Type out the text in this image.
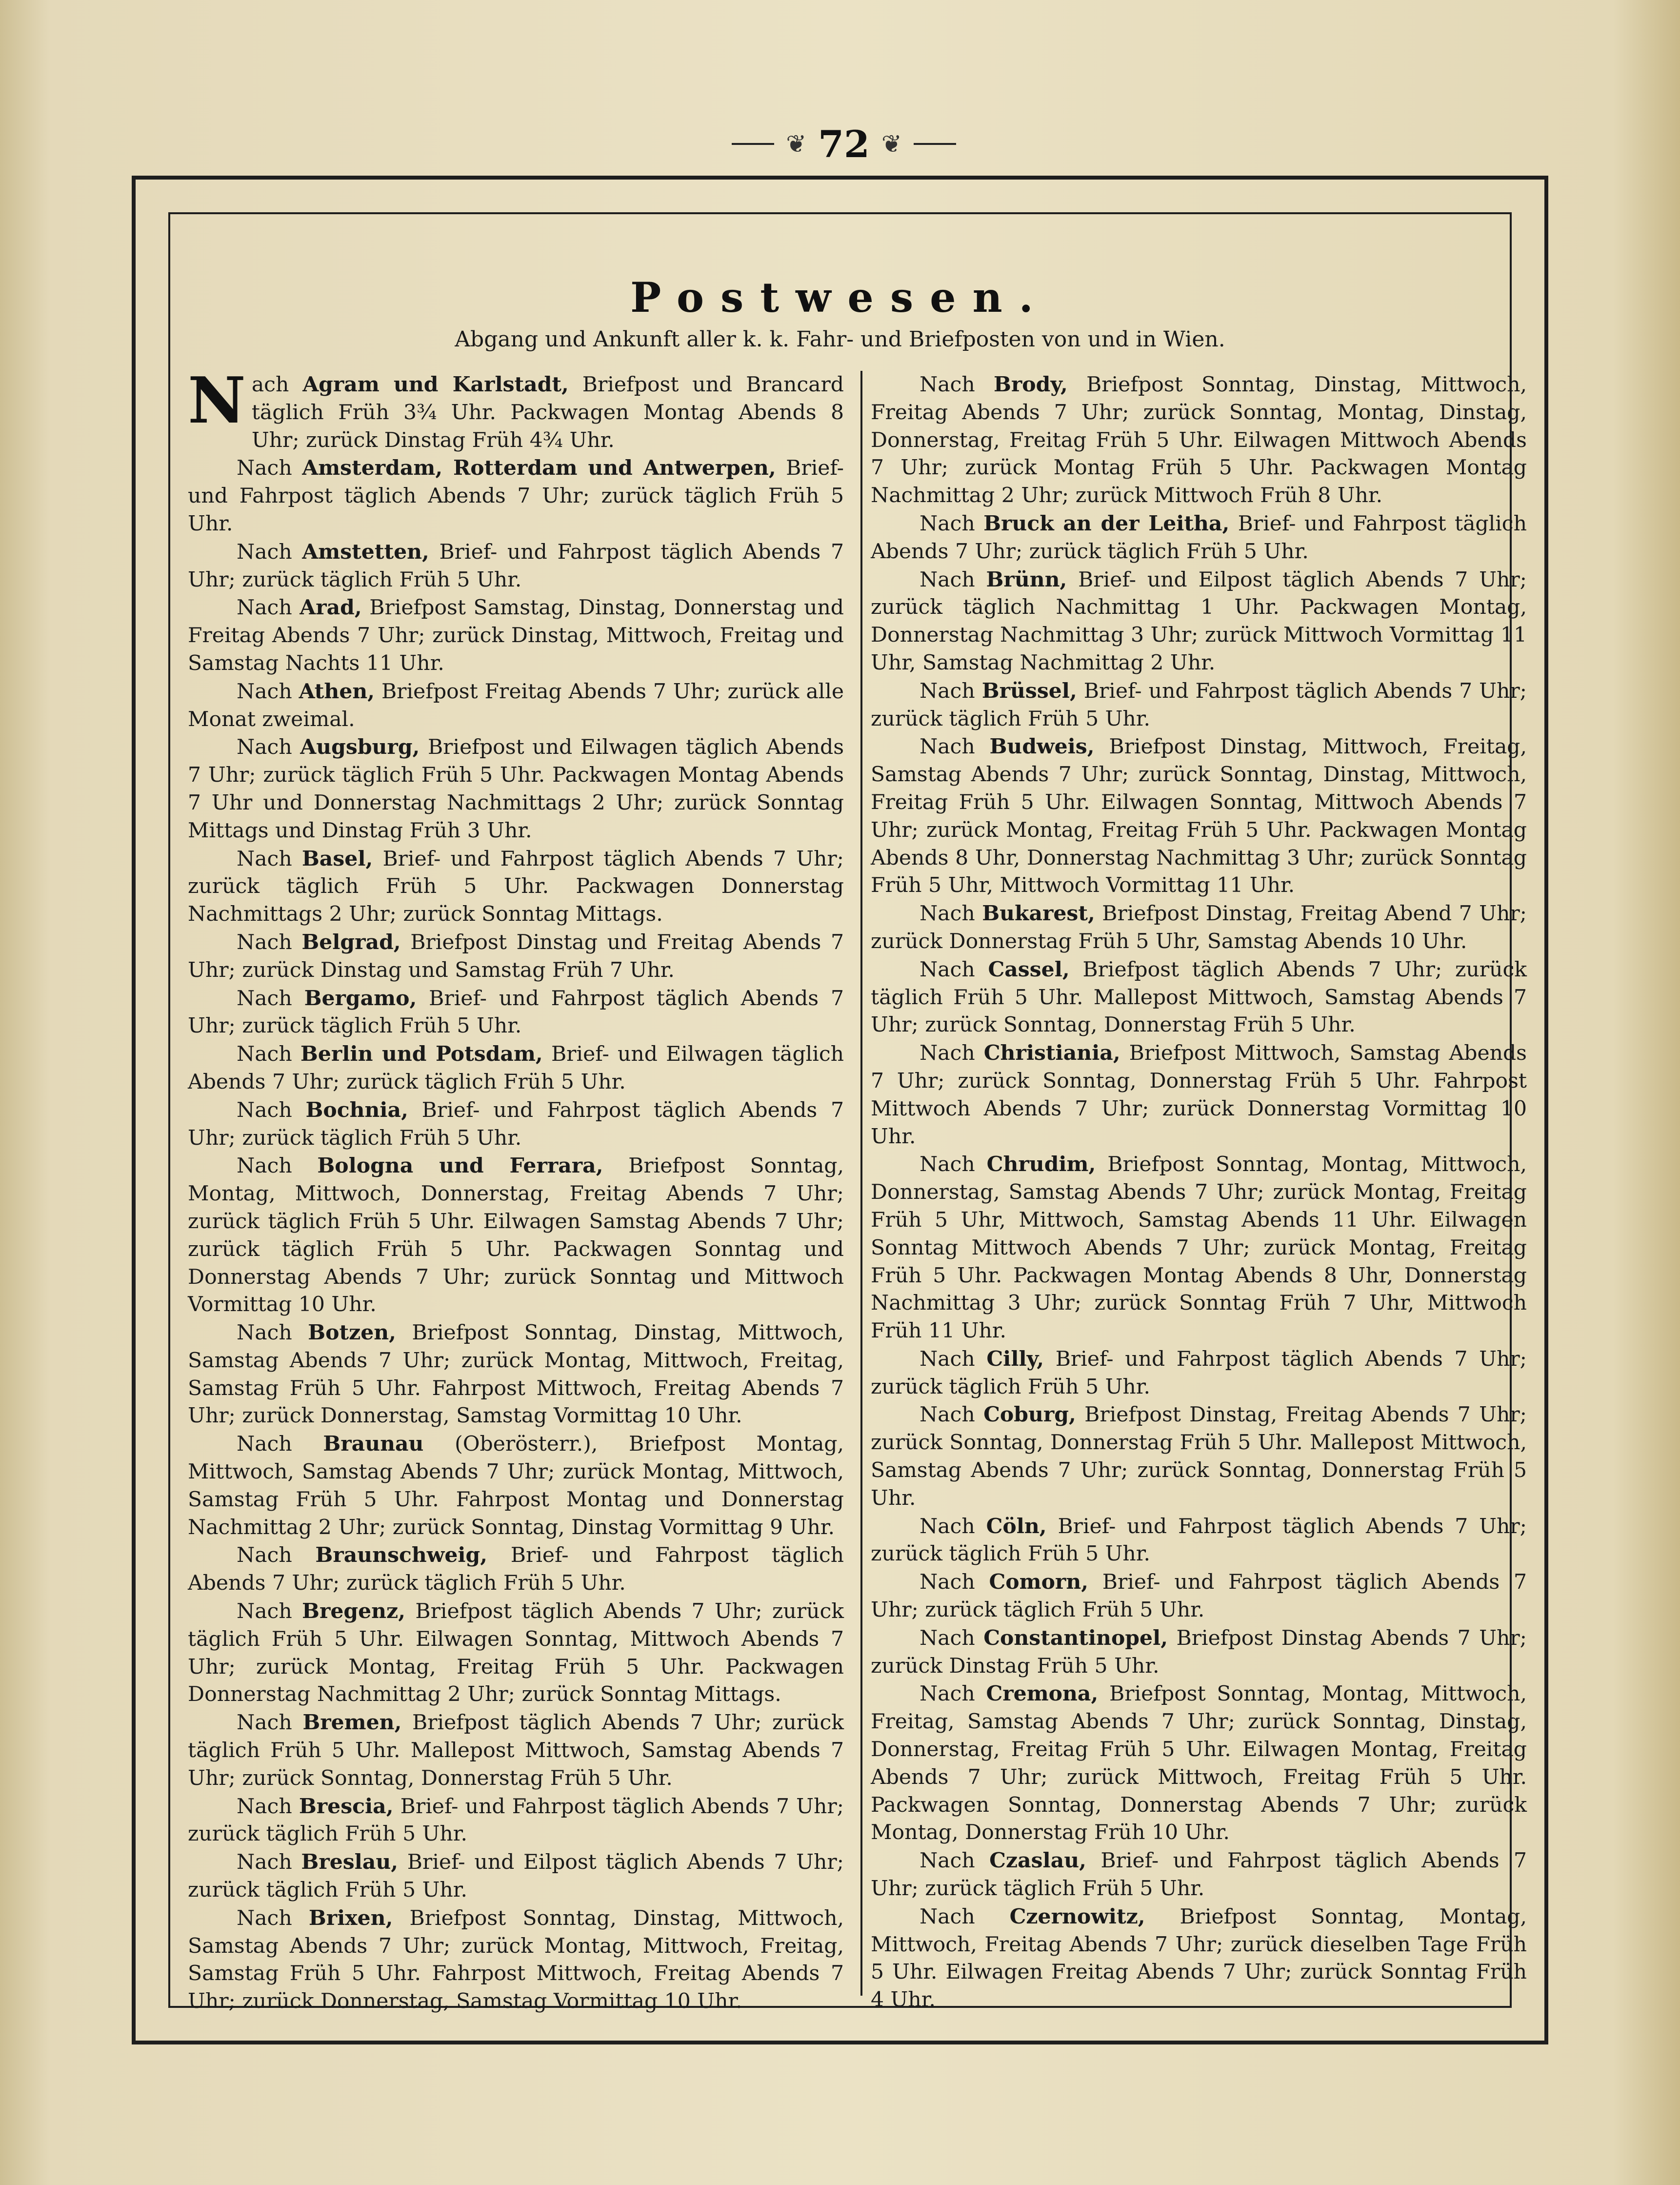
❦ 72 ❦
Postwesen.

Abgang und Ankunft aller k. k. Fahr- und Briefposten von und in Wien.

Nach Agram und Karlstadt, Briefpost und Brancard täglich Früh 3¾ Uhr. Packwagen Montag Abends 8 Uhr; zurück Dinstag Früh 4¾ Uhr.

Nach Amsterdam, Rotterdam und Antwerpen, Brief- und Fahrpost täglich Abends 7 Uhr; zurück täglich Früh 5 Uhr.

Nach Amstetten, Brief- und Fahrpost täglich Abends 7 Uhr; zurück täglich Früh 5 Uhr.

Nach Arad, Briefpost Samstag, Dinstag, Donnerstag und Freitag Abends 7 Uhr; zurück Dinstag, Mittwoch, Freitag und Samstag Nachts 11 Uhr.

Nach Athen, Briefpost Freitag Abends 7 Uhr; zurück alle Monat zweimal.

Nach Augsburg, Briefpost und Eilwagen täglich Abends 7 Uhr; zurück täglich Früh 5 Uhr. Packwagen Montag Abends 7 Uhr und Donnerstag Nachmittags 2 Uhr; zurück Sonntag Mittags und Dinstag Früh 3 Uhr.

Nach Basel, Brief- und Fahrpost täglich Abends 7 Uhr; zurück täglich Früh 5 Uhr. Packwagen Donnerstag Nachmittags 2 Uhr; zurück Sonntag Mittags.

Nach Belgrad, Briefpost Dinstag und Freitag Abends 7 Uhr; zurück Dinstag und Samstag Früh 7 Uhr.

Nach Bergamo, Brief- und Fahrpost täglich Abends 7 Uhr; zurück täglich Früh 5 Uhr.

Nach Berlin und Potsdam, Brief- und Eilwagen täglich Abends 7 Uhr; zurück täglich Früh 5 Uhr.

Nach Bochnia, Brief- und Fahrpost täglich Abends 7 Uhr; zurück täglich Früh 5 Uhr.

Nach Bologna und Ferrara, Briefpost Sonntag, Montag, Mittwoch, Donnerstag, Freitag Abends 7 Uhr; zurück täglich Früh 5 Uhr. Eilwagen Samstag Abends 7 Uhr; zurück täglich Früh 5 Uhr. Packwagen Sonntag und Donnerstag Abends 7 Uhr; zurück Sonntag und Mittwoch Vormittag 10 Uhr.

Nach Botzen, Briefpost Sonntag, Dinstag, Mittwoch, Samstag Abends 7 Uhr; zurück Montag, Mittwoch, Freitag, Samstag Früh 5 Uhr. Fahrpost Mittwoch, Freitag Abends 7 Uhr; zurück Donnerstag, Samstag Vormittag 10 Uhr.

Nach Braunau (Oberösterr.), Briefpost Montag, Mittwoch, Samstag Abends 7 Uhr; zurück Montag, Mittwoch, Samstag Früh 5 Uhr. Fahrpost Montag und Donnerstag Nachmittag 2 Uhr; zurück Sonntag, Dinstag Vormittag 9 Uhr.

Nach Braunschweig, Brief- und Fahrpost täglich Abends 7 Uhr; zurück täglich Früh 5 Uhr.

Nach Bregenz, Briefpost täglich Abends 7 Uhr; zurück täglich Früh 5 Uhr. Eilwagen Sonntag, Mittwoch Abends 7 Uhr; zurück Montag, Freitag Früh 5 Uhr. Packwagen Donnerstag Nachmittag 2 Uhr; zurück Sonntag Mittags.

Nach Bremen, Briefpost täglich Abends 7 Uhr; zurück täglich Früh 5 Uhr. Mallepost Mittwoch, Samstag Abends 7 Uhr; zurück Sonntag, Donnerstag Früh 5 Uhr.

Nach Brescia, Brief- und Fahrpost täglich Abends 7 Uhr; zurück täglich Früh 5 Uhr.

Nach Breslau, Brief- und Eilpost täglich Abends 7 Uhr; zurück täglich Früh 5 Uhr.

Nach Brixen, Briefpost Sonntag, Dinstag, Mittwoch, Samstag Abends 7 Uhr; zurück Montag, Mittwoch, Freitag, Samstag Früh 5 Uhr. Fahrpost Mittwoch, Freitag Abends 7 Uhr; zurück Donnerstag, Samstag Vormittag 10 Uhr.

Nach Brody, Briefpost Sonntag, Dinstag, Mittwoch, Freitag Abends 7 Uhr; zurück Sonntag, Montag, Dinstag, Donnerstag, Freitag Früh 5 Uhr. Eilwagen Mittwoch Abends 7 Uhr; zurück Montag Früh 5 Uhr. Packwagen Montag Nachmittag 2 Uhr; zurück Mittwoch Früh 8 Uhr.

Nach Bruck an der Leitha, Brief- und Fahrpost täglich Abends 7 Uhr; zurück täglich Früh 5 Uhr.

Nach Brünn, Brief- und Eilpost täglich Abends 7 Uhr; zurück täglich Nachmittag 1 Uhr. Packwagen Montag, Donnerstag Nachmittag 3 Uhr; zurück Mittwoch Vormittag 11 Uhr, Samstag Nachmittag 2 Uhr.

Nach Brüssel, Brief- und Fahrpost täglich Abends 7 Uhr; zurück täglich Früh 5 Uhr.

Nach Budweis, Briefpost Dinstag, Mittwoch, Freitag, Samstag Abends 7 Uhr; zurück Sonntag, Dinstag, Mittwoch, Freitag Früh 5 Uhr. Eilwagen Sonntag, Mittwoch Abends 7 Uhr; zurück Montag, Freitag Früh 5 Uhr. Packwagen Montag Abends 8 Uhr, Donnerstag Nachmittag 3 Uhr; zurück Sonntag Früh 5 Uhr, Mittwoch Vormittag 11 Uhr.

Nach Bukarest, Briefpost Dinstag, Freitag Abend 7 Uhr; zurück Donnerstag Früh 5 Uhr, Samstag Abends 10 Uhr.

Nach Cassel, Briefpost täglich Abends 7 Uhr; zurück täglich Früh 5 Uhr. Mallepost Mittwoch, Samstag Abends 7 Uhr; zurück Sonntag, Donnerstag Früh 5 Uhr.

Nach Christiania, Briefpost Mittwoch, Samstag Abends 7 Uhr; zurück Sonntag, Donnerstag Früh 5 Uhr. Fahrpost Mittwoch Abends 7 Uhr; zurück Donnerstag Vormittag 10 Uhr.

Nach Chrudim, Briefpost Sonntag, Montag, Mittwoch, Donnerstag, Samstag Abends 7 Uhr; zurück Montag, Freitag Früh 5 Uhr, Mittwoch, Samstag Abends 11 Uhr. Eilwagen Sonntag Mittwoch Abends 7 Uhr; zurück Montag, Freitag Früh 5 Uhr. Packwagen Montag Abends 8 Uhr, Donnerstag Nachmittag 3 Uhr; zurück Sonntag Früh 7 Uhr, Mittwoch Früh 11 Uhr.

Nach Cilly, Brief- und Fahrpost täglich Abends 7 Uhr; zurück täglich Früh 5 Uhr.

Nach Coburg, Briefpost Dinstag, Freitag Abends 7 Uhr; zurück Sonntag, Donnerstag Früh 5 Uhr. Mallepost Mittwoch, Samstag Abends 7 Uhr; zurück Sonntag, Donnerstag Früh 5 Uhr.

Nach Cöln, Brief- und Fahrpost täglich Abends 7 Uhr; zurück täglich Früh 5 Uhr.

Nach Comorn, Brief- und Fahrpost täglich Abends 7 Uhr; zurück täglich Früh 5 Uhr.

Nach Constantinopel, Briefpost Dinstag Abends 7 Uhr; zurück Dinstag Früh 5 Uhr.

Nach Cremona, Briefpost Sonntag, Montag, Mittwoch, Freitag, Samstag Abends 7 Uhr; zurück Sonntag, Dinstag, Donnerstag, Freitag Früh 5 Uhr. Eilwagen Montag, Freitag Abends 7 Uhr; zurück Mittwoch, Freitag Früh 5 Uhr. Packwagen Sonntag, Donnerstag Abends 7 Uhr; zurück Montag, Donnerstag Früh 10 Uhr.

Nach Czaslau, Brief- und Fahrpost täglich Abends 7 Uhr; zurück täglich Früh 5 Uhr.

Nach Czernowitz, Briefpost Sonntag, Montag, Mittwoch, Freitag Abends 7 Uhr; zurück dieselben Tage Früh 5 Uhr. Eilwagen Freitag Abends 7 Uhr; zurück Sonntag Früh 4 Uhr.
